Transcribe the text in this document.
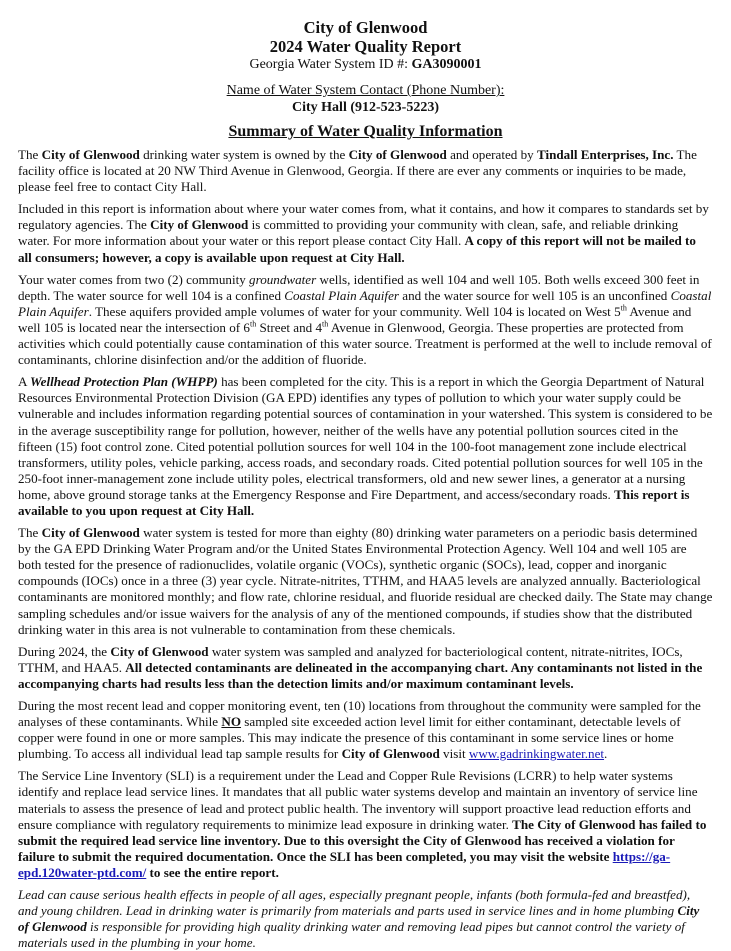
City of Glenwood
2024 Water Quality Report
Georgia Water System ID #: GA3090001
Name of Water System Contact (Phone Number):
City Hall (912-523-5223)
Summary of Water Quality Information

The City of Glenwood drinking water system is owned by the City of Glenwood and operated by Tindall Enterprises, Inc. The facility office is located at 20 NW Third Avenue in Glenwood, Georgia. If there are ever any comments or inquiries to be made, please feel free to contact City Hall.

Included in this report is information about where your water comes from, what it contains, and how it compares to standards set by regulatory agencies. The City of Glenwood is committed to providing your community with clean, safe, and reliable drinking water. For more information about your water or this report please contact City Hall. A copy of this report will not be mailed to all consumers; however, a copy is available upon request at City Hall.

Your water comes from two (2) community groundwater wells, identified as well 104 and well 105. Both wells exceed 300 feet in depth. The water source for well 104 is a confined Coastal Plain Aquifer and the water source for well 105 is an unconfined Coastal Plain Aquifer. These aquifers provided ample volumes of water for your community. Well 104 is located on West 5th Avenue and well 105 is located near the intersection of 6th Street and 4th Avenue in Glenwood, Georgia. These properties are protected from activities which could potentially cause contamination of this water source. Treatment is performed at the well to include removal of contaminants, chlorine disinfection and/or the addition of fluoride.

A Wellhead Protection Plan (WHPP) has been completed for the city. This is a report in which the Georgia Department of Natural Resources Environmental Protection Division (GA EPD) identifies any types of pollution to which your water supply could be vulnerable and includes information regarding potential sources of contamination in your watershed. This system is considered to be in the average susceptibility range for pollution, however, neither of the wells have any potential pollution sources cited in the fifteen (15) foot control zone. Cited potential pollution sources for well 104 in the 100-foot management zone include electrical transformers, utility poles, vehicle parking, access roads, and secondary roads. Cited potential pollution sources for well 105 in the 250-foot inner-management zone include utility poles, electrical transformers, old and new sewer lines, a generator at a nursing home, above ground storage tanks at the Emergency Response and Fire Department, and access/secondary roads. This report is available to you upon request at City Hall.

The City of Glenwood water system is tested for more than eighty (80) drinking water parameters on a periodic basis determined by the GA EPD Drinking Water Program and/or the United States Environmental Protection Agency. Well 104 and well 105 are both tested for the presence of radionuclides, volatile organic (VOCs), synthetic organic (SOCs), lead, copper and inorganic compounds (IOCs) once in a three (3) year cycle. Nitrate-nitrites, TTHM, and HAA5 levels are analyzed annually. Bacteriological contaminants are monitored monthly; and flow rate, chlorine residual, and fluoride residual are checked daily. The State may change sampling schedules and/or issue waivers for the analysis of any of the mentioned compounds, if studies show that the distributed drinking water in this area is not vulnerable to contamination from these chemicals.

During 2024, the City of Glenwood water system was sampled and analyzed for bacteriological content, nitrate-nitrites, IOCs, TTHM, and HAA5. All detected contaminants are delineated in the accompanying chart. Any contaminants not listed in the accompanying charts had results less than the detection limits and/or maximum contaminant levels.

During the most recent lead and copper monitoring event, ten (10) locations from throughout the community were sampled for the analyses of these contaminants. While NO sampled site exceeded action level limit for either contaminant, detectable levels of copper were found in one or more samples. This may indicate the presence of this contaminant in some service lines or home plumbing. To access all individual lead tap sample results for City of Glenwood visit www.gadrinkingwater.net.

The Service Line Inventory (SLI) is a requirement under the Lead and Copper Rule Revisions (LCRR) to help water systems identify and replace lead service lines. It mandates that all public water systems develop and maintain an inventory of service line materials to assess the presence of lead and protect public health. The inventory will support proactive lead reduction efforts and ensure compliance with regulatory requirements to minimize lead exposure in drinking water. The City of Glenwood has failed to submit the required lead service line inventory. Due to this oversight the City of Glenwood has received a violation for failure to submit the required documentation. Once the SLI has been completed, you may visit the website https://ga-epd.120water-ptd.com/ to see the entire report.

Lead can cause serious health effects in people of all ages, especially pregnant people, infants (both formula-fed and breastfed), and young children. Lead in drinking water is primarily from materials and parts used in service lines and in home plumbing City of Glenwood is responsible for providing high quality drinking water and removing lead pipes but cannot control the variety of materials used in the plumbing in your home.
